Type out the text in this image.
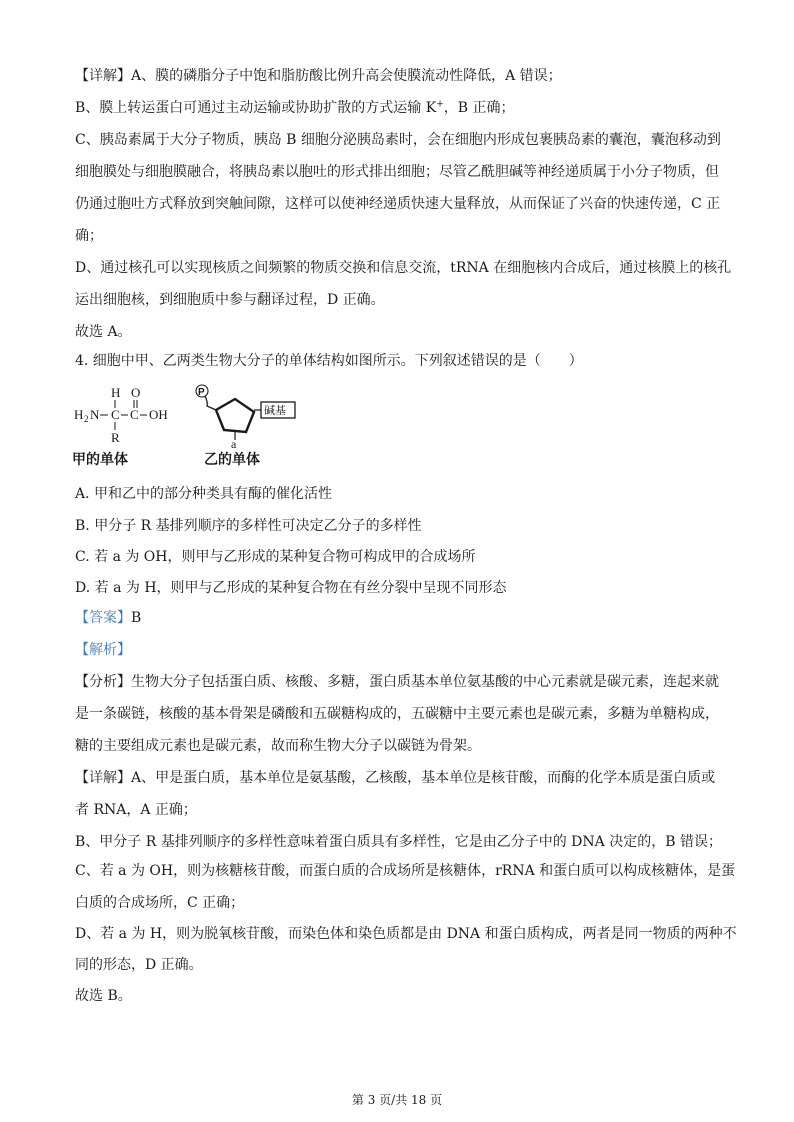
【详解】A、膜的磷脂分子中饱和脂肪酸比例升高会使膜流动性降低，A 错误；
B、膜上转运蛋白可通过主动运输或协助扩散的方式运输 K+，B 正确；
C、胰岛素属于大分子物质，胰岛 B 细胞分泌胰岛素时，会在细胞内形成包裹胰岛素的囊泡，囊泡移动到
细胞膜处与细胞膜融合，将胰岛素以胞吐的形式排出细胞；尽管乙酰胆碱等神经递质属于小分子物质，但
仍通过胞吐方式释放到突触间隙，这样可以使神经递质快速大量释放，从而保证了兴奋的快速传递，C 正
确；
D、通过核孔可以实现核质之间频繁的物质交换和信息交流，tRNA 在细胞核内合成后，通过核膜上的核孔
运出细胞核，到细胞质中参与翻译过程，D 正确。
故选 A。
4. 细胞中甲、乙两类生物大分子的单体结构如图所示。下列叙述错误的是（　　）
H O
H 2 N C C OH
R
P
碱基
a
甲的单体	乙的单体
A. 甲和乙中的部分种类具有酶的催化活性
B. 甲分子 R 基排列顺序的多样性可决定乙分子的多样性
C. 若 a 为 OH，则甲与乙形成的某种复合物可构成甲的合成场所
D. 若 a 为 H，则甲与乙形成的某种复合物在有丝分裂中呈现不同形态
【答案】B
【解析】
【分析】生物大分子包括蛋白质、核酸、多糖，蛋白质基本单位氨基酸的中心元素就是碳元素，连起来就
是一条碳链，核酸的基本骨架是磷酸和五碳糖构成的，五碳糖中主要元素也是碳元素，多糖为单糖构成，
糖的主要组成元素也是碳元素，故而称生物大分子以碳链为骨架。
【详解】A、甲是蛋白质，基本单位是氨基酸，乙核酸，基本单位是核苷酸，而酶的化学本质是蛋白质或
者 RNA，A 正确；
B、甲分子 R 基排列顺序的多样性意味着蛋白质具有多样性，它是由乙分子中的 DNA 决定的，B 错误；
C、若 a 为 OH，则为核糖核苷酸，而蛋白质的合成场所是核糖体，rRNA 和蛋白质可以构成核糖体，是蛋
白质的合成场所，C 正确；
D、若 a 为 H，则为脱氧核苷酸，而染色体和染色质都是由 DNA 和蛋白质构成，两者是同一物质的两种不
同的形态，D 正确。
故选 B。
第 3 页/共 18 页
